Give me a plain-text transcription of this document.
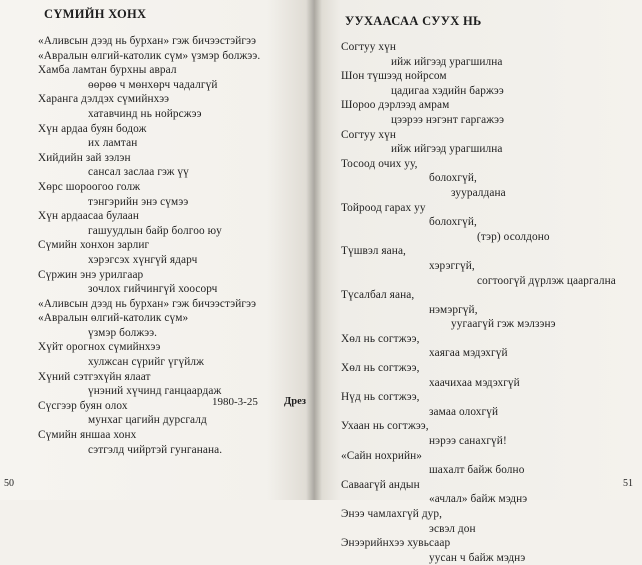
СҮМИЙН ХОНХ
«Аливсын дээд нь бурхан» гэж бичээстэйгээ
«Авралын өлгий-католик сүм» үзмэр болжээ.
Хамба ламтан бурхны аврал
өөрөө ч мөнхөрч чадалгүй
Харанга дэлдэх сүмийнхээ
хатавчинд нь нойрсжээ
Хүн ардаа буян бодож
их ламтан
Хийдийн зай зэлэн
сансал заслаа гэж үү
Хөрс шороогоо голж
тэнгэрийн энэ сүмээ
Хүн ардаасаа булаан
гашуудлын байр болгоо юу
Сүмийн хонхон зарлиг
хэрэгсэх хүнгүй ядарч
Сүржин энэ урилгаар
зочлох гийчингүй хоосорч
«Аливсын дээд нь бурхан» гэж бичээстэйгээ
«Авралын өлгий-католик сүм»
үзмэр болжээ.
Хүйт орогнох сүмийнхээ
хулжсан сүрийг үгүйлж
Хүний сэтгэхүйн ялаат
үнэний хүчинд ганцаардаж
Сүсгээр буян олох
мунхаг цагийн дурсгалд
Сүмийн яншаа хонх
сэтгэлд чийртэй гунганана.
1980-3-25 Дрез
50
УУХААСАА СУУХ НЬ
Согтуу хүн
ийж ийгээд урагшилна
Шон түшээд нойрсом
цадигаа хэдийн баржээ
Шороо дэрлээд амрам
цээрээ нэгэнт гаргажээ
Согтуу хүн
ийж ийгээд урагшилна
Тосоод очих уу,
болохгүй,
зууралдана
Тойроод гарах уу
болохгүй,
(тэр) осолдоно
Түшвэл яана,
хэрэггүй,
согтоогүй дүрлэж цааргална
Түсалбал яана,
нэмэргүй,
уугаагүй гэж мэлзэнэ
Хөл нь согтжээ,
хаягаа мэдэхгүй
Хөл нь согтжээ,
хаачихаа мэдэхгүй
Нүд нь согтжээ,
замаа олохгүй
Ухаан нь согтжээ,
нэрээ санахгүй!
«Сайн нохрийн»
шахалт байж болно
Саваагүй андын
«ачлал» байж мэднэ
Энээ чамлахгүй дур,
эсвэл дон
Энээрийнхээ хувьсаар
уусан ч байж мэднэ
51
